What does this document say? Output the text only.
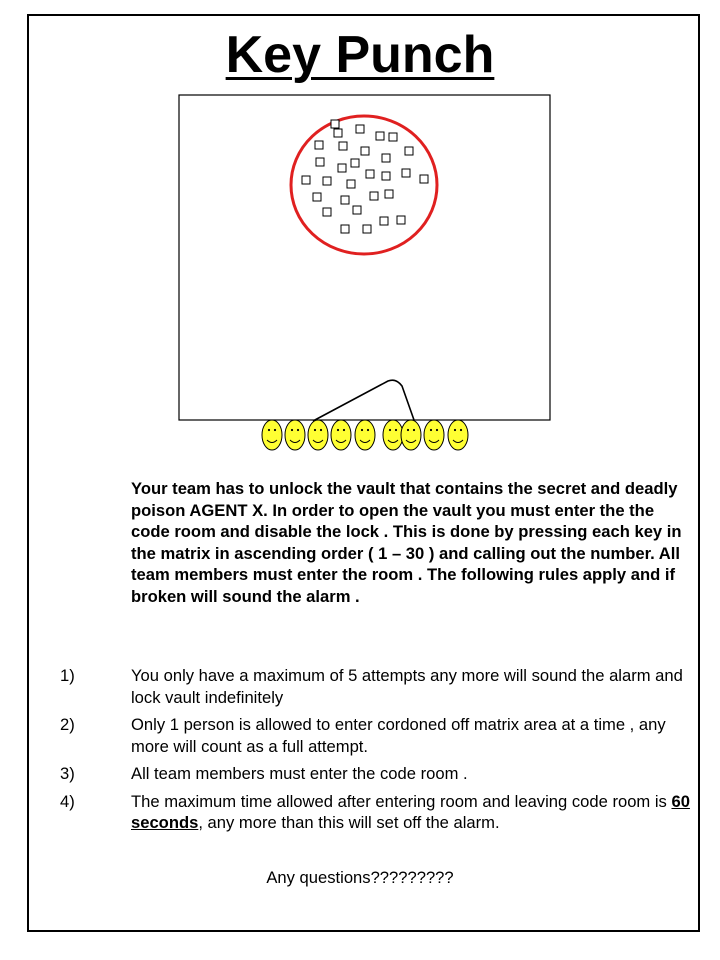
Key Punch
Your team has to unlock the vault that contains the secret and deadly poison AGENT X. In order to open the vault you must enter the the code room and disable the lock . This is done by pressing each key in the matrix in ascending order ( 1 – 30 ) and calling out the number. All team members must enter the room . The following rules apply and if broken will sound the alarm .
1)	You only have a maximum of 5 attempts any more will sound the alarm and lock vault indefinitely
2)	Only 1 person is allowed to enter cordoned off matrix area at a time , any more will count as a full attempt.
3)	All team members must enter the code room .
4)	The maximum time allowed after entering room and leaving code room is 60 seconds, any more than this will set off the alarm.
Any questions?????????
